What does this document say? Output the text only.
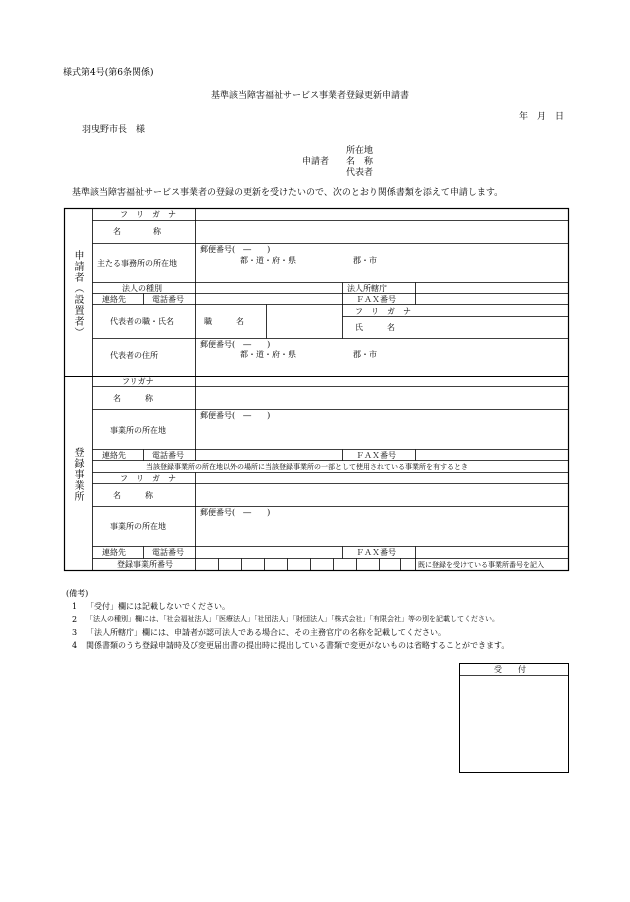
様式第4号(第6条関係)
基準該当障害福祉サービス事業者登録更新申請書
年　月　日
羽曳野市長　様
所在地
申請者 名　称
代表者
基準該当障害福祉サービス事業者の登録の更新を受けたいので、次のとおり関係書類を添えて申請します。
申請者（設置者）
登録事業所
フ　リ　ガ　ナ
名　　　　称
主たる事務所の所在地
郵便番号(　―　　)
都・道・府・県	郡・市
法人の種別	法人所轄庁
連絡先	電話番号	ＦＡＸ番号
代表者の職・氏名	職　　　名
フ　リ　ガ　ナ
氏　　　名
代表者の住所
郵便番号(　―　　)
都・道・府・県	郡・市
フリガナ
名　　　称
事業所の所在地
郵便番号(　―　　)
連絡先	電話番号	ＦＡＸ番号
当該登録事業所の所在地以外の場所に当該登録事業所の一部として使用されている事業所を有するとき
フ　リ　ガ　ナ
名　　　称
事業所の所在地
郵便番号(　―　　)
連絡先	電話番号	ＦＡＸ番号
登録事業所番号	既に登録を受けている事業所番号を記入
(備考)
1 「受付」欄には記載しないでください。
2 「法人の種別」欄には、「社会福祉法人」「医療法人」「社団法人」「財団法人」「株式会社」「有限会社」等の別を記載してください。
3 「法人所轄庁」欄には、申請者が認可法人である場合に、その主務官庁の名称を記載してください。
4 関係書類のうち登録申請時及び変更届出書の提出時に提出している書類で変更がないものは省略することができます。
受　　付
